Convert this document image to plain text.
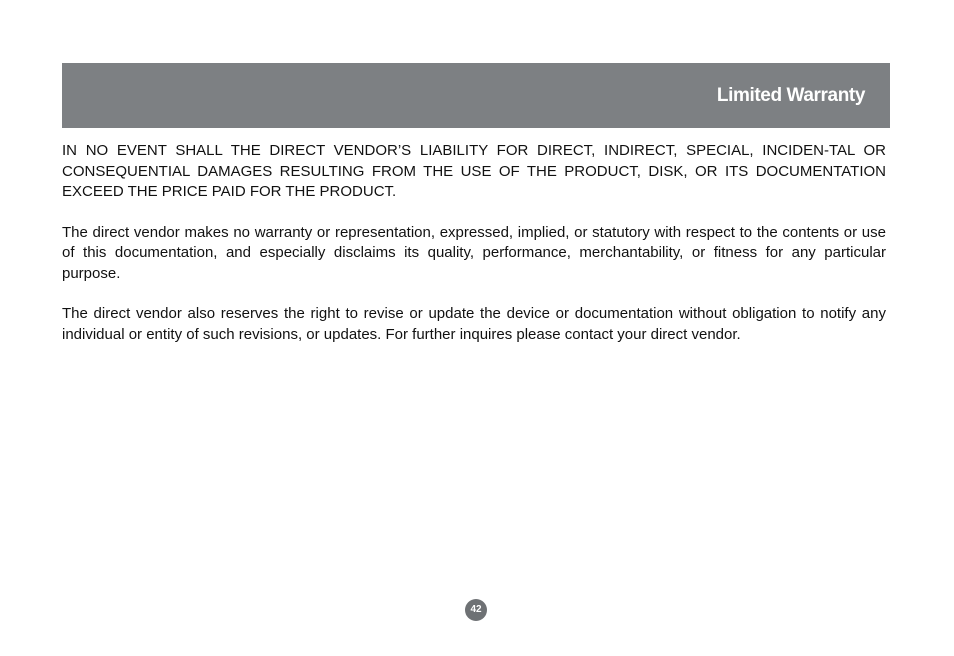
Limited Warranty

IN NO EVENT SHALL THE DIRECT VENDOR’S LIABILITY FOR DIRECT, INDIRECT, SPECIAL, INCIDEN-TAL OR CONSEQUENTIAL DAMAGES RESULTING FROM THE USE OF THE PRODUCT, DISK, OR ITS DOCUMENTATION EXCEED THE PRICE PAID FOR THE PRODUCT.

The direct vendor makes no warranty or representation, expressed, implied, or statutory with respect to the contents or use of this documentation, and especially disclaims its quality, performance, merchantability, or fitness for any particular purpose.

The direct vendor also reserves the right to revise or update the device or documentation without obligation to notify any individual or entity of such revisions, or updates. For further inquires please contact your direct vendor.

42
